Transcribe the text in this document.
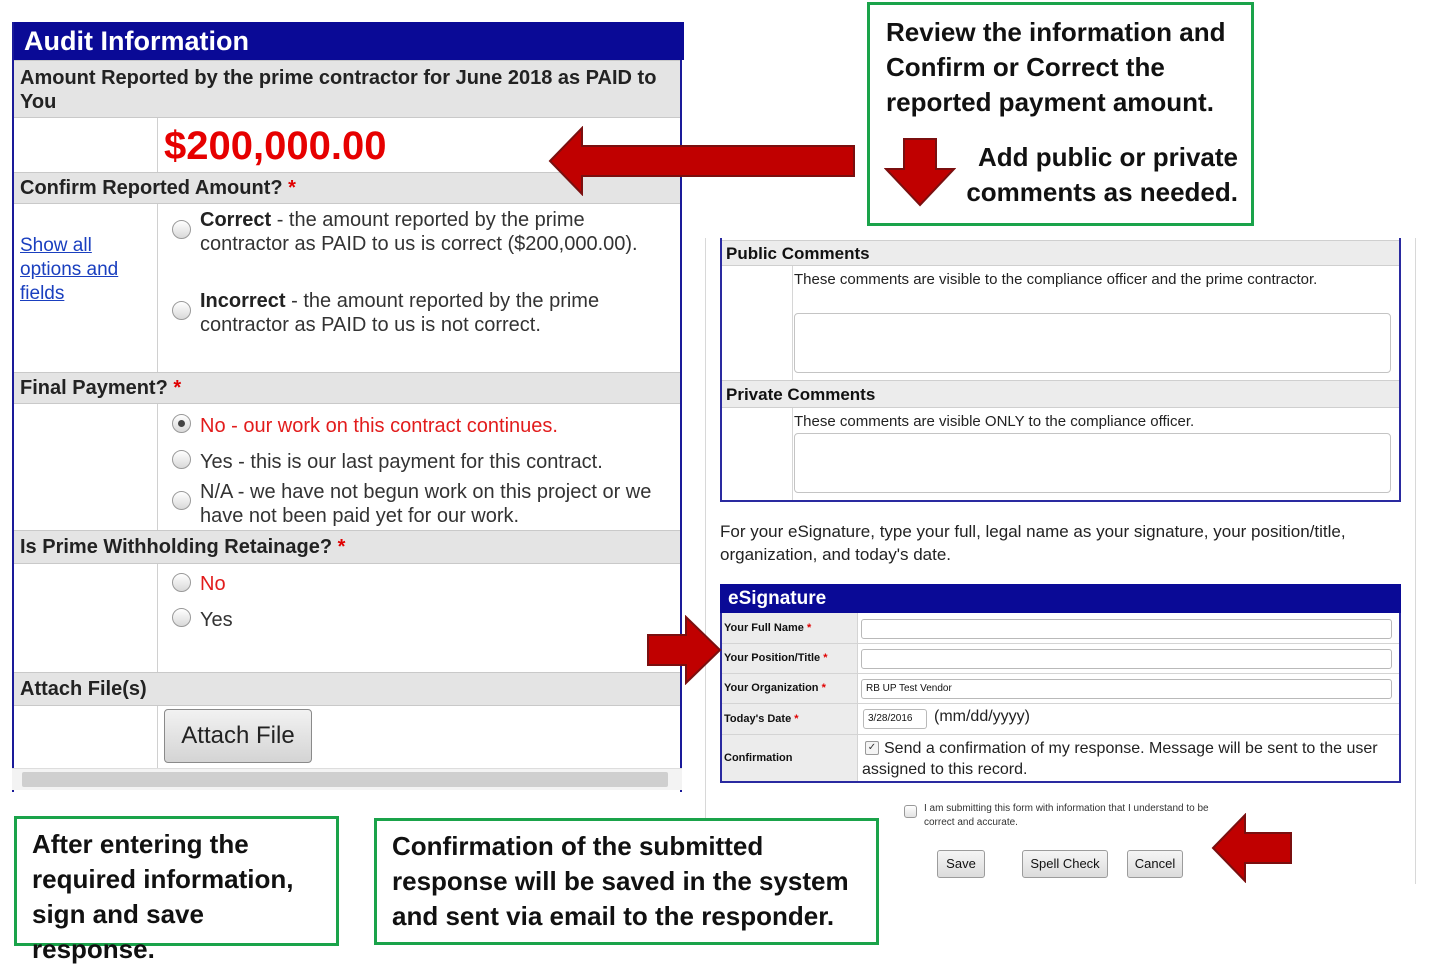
Audit Information
Amount Reported by the prime contractor for June 2018 as PAID to You
$200,000.00
Confirm Reported Amount? *
Show all options and fields
Correct - the amount reported by the prime contractor as PAID to us is correct ($200,000.00).
Incorrect - the amount reported by the prime contractor as PAID to us is not correct.
Final Payment? *
No - our work on this contract continues.
Yes - this is our last payment for this contract.
N/A - we have not begun work on this project or we have not been paid yet for our work.
Is Prime Withholding Retainage? *
No
Yes
Attach File(s)
Attach File
Public Comments
These comments are visible to the compliance officer and the prime contractor.
Private Comments
These comments are visible ONLY to the compliance officer.
For your eSignature, type your full, legal name as your signature, your position/title, organization, and today's date.
eSignature
Your Full Name *
Your Position/Title *
Your Organization *	RB UP Test Vendor
Today's Date *	3/28/2016	(mm/dd/yyyy)
Confirmation
✓ Send a confirmation of my response. Message will be sent to the user assigned to this record.
I am submitting this form with information that I understand to be correct and accurate.
Save	Spell Check	Cancel
Review the information and Confirm or Correct the reported payment amount.
Add public or private comments as needed.
After entering the required information, sign and save response.
Confirmation of the submitted response will be saved in the system and sent via email to the responder.
